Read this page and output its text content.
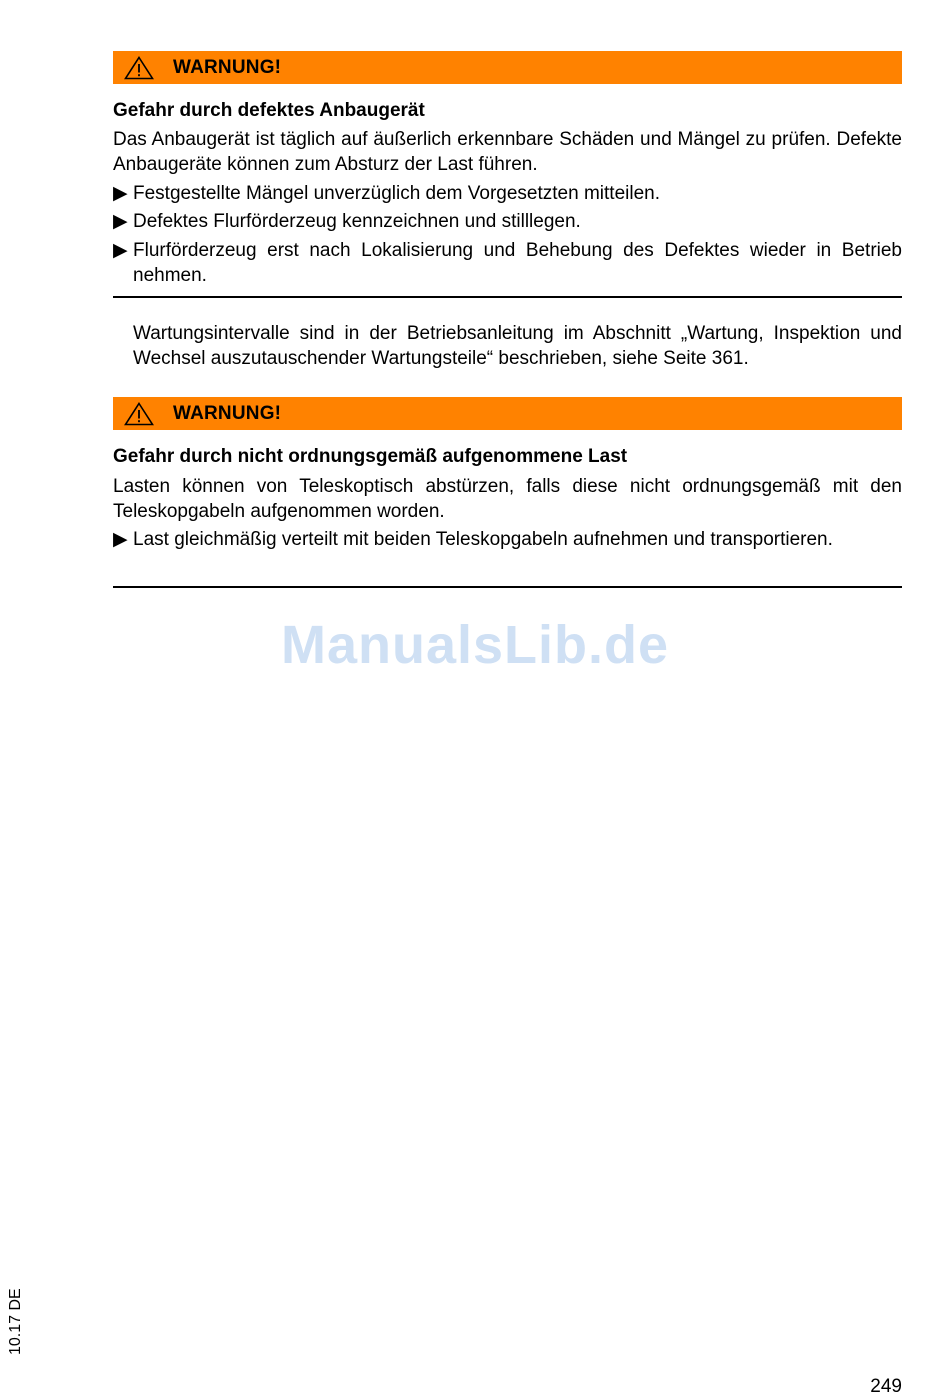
WARNUNG!
Gefahr durch defektes Anbaugerät
Das Anbaugerät ist täglich auf äußerlich erkennbare Schäden und Mängel zu prüfen. Defekte Anbaugeräte können zum Absturz der Last führen.
▶ Festgestellte Mängel unverzüglich dem Vorgesetzten mitteilen.
▶ Defektes Flurförderzeug kennzeichnen und stilllegen.
▶ Flurförderzeug erst nach Lokalisierung und Behebung des Defektes wieder in Betrieb nehmen.
Wartungsintervalle sind in der Betriebsanleitung im Abschnitt „Wartung, Inspektion und Wechsel auszutauschender Wartungsteile“ beschrieben, siehe Seite 361.
WARNUNG!
Gefahr durch nicht ordnungsgemäß aufgenommene Last
Lasten können von Teleskoptisch abstürzen, falls diese nicht ordnungsgemäß mit den Teleskopgabeln aufgenommen worden.
▶ Last gleichmäßig verteilt mit beiden Teleskopgabeln aufnehmen und transportieren.
ManualsLib.de
10.17 DE
249
